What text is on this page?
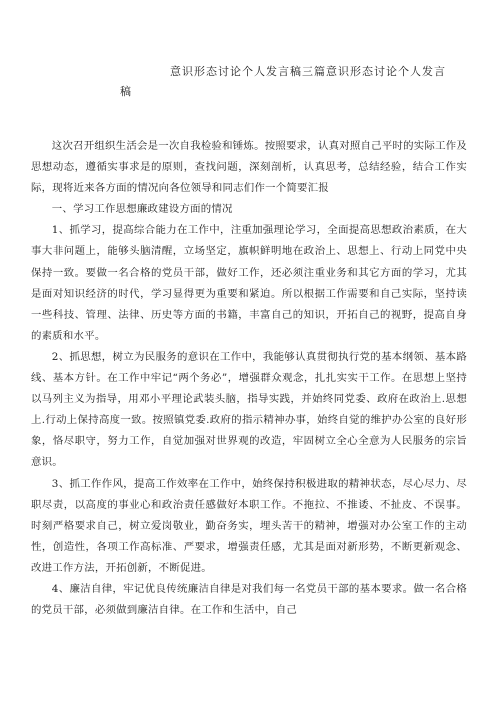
意识形态讨论个人发言稿三篇意识形态讨论个人发言稿

这次召开组织生活会是一次自我检验和锤炼。按照要求，认真对照自己平时的实际工作及思想动态，遵循实事求是的原则，查找问题，深刻剖析，认真思考，总结经验，结合工作实际，现将近来各方面的情况向各位领导和同志们作一个简要汇报

一、学习工作思想廉政建设方面的情况

1、抓学习，提高综合能力在工作中，注重加强理论学习，全面提高思想政治素质，在大事大非问题上，能够头脑清醒，立场坚定，旗帜鲜明地在政治上、思想上、行动上同党中央保持一致。要做一名合格的党员干部，做好工作，还必须注重业务和其它方面的学习，尤其是面对知识经济的时代，学习显得更为重要和紧迫。所以根据工作需要和自己实际，坚持读一些科技、管理、法律、历史等方面的书籍，丰富自己的知识，开拓自己的视野，提高自身的素质和水平。

2、抓思想，树立为民服务的意识在工作中，我能够认真贯彻执行党的基本纲领、基本路线、基本方针。在工作中牢记“两个务必”，增强群众观念，扎扎实实干工作。在思想上坚持以马列主义为指导，用邓小平理论武装头脑，指导实践，并始终同党委、政府在政治上.思想上.行动上保持高度一致。按照镇党委.政府的指示精神办事，始终自觉的维护办公室的良好形象，恪尽职守，努力工作，自觉加强对世界观的改造，牢固树立全心全意为人民服务的宗旨意识。

3、抓工作作风，提高工作效率在工作中，始终保持积极进取的精神状态，尽心尽力、尽职尽责，以高度的事业心和政治责任感做好本职工作。不拖拉、不推诿、不扯皮、不误事。时刻严格要求自己，树立爱岗敬业，勤奋务实，埋头苦干的精神，增强对办公室工作的主动性，创造性，各项工作高标准、严要求，增强责任感，尤其是面对新形势，不断更新观念、改进工作方法，开拓创新，不断促进。

4、廉洁自律，牢记优良传统廉洁自律是对我们每一名党员干部的基本要求。做一名合格的党员干部，必须做到廉洁自律。在工作和生活中，自己
